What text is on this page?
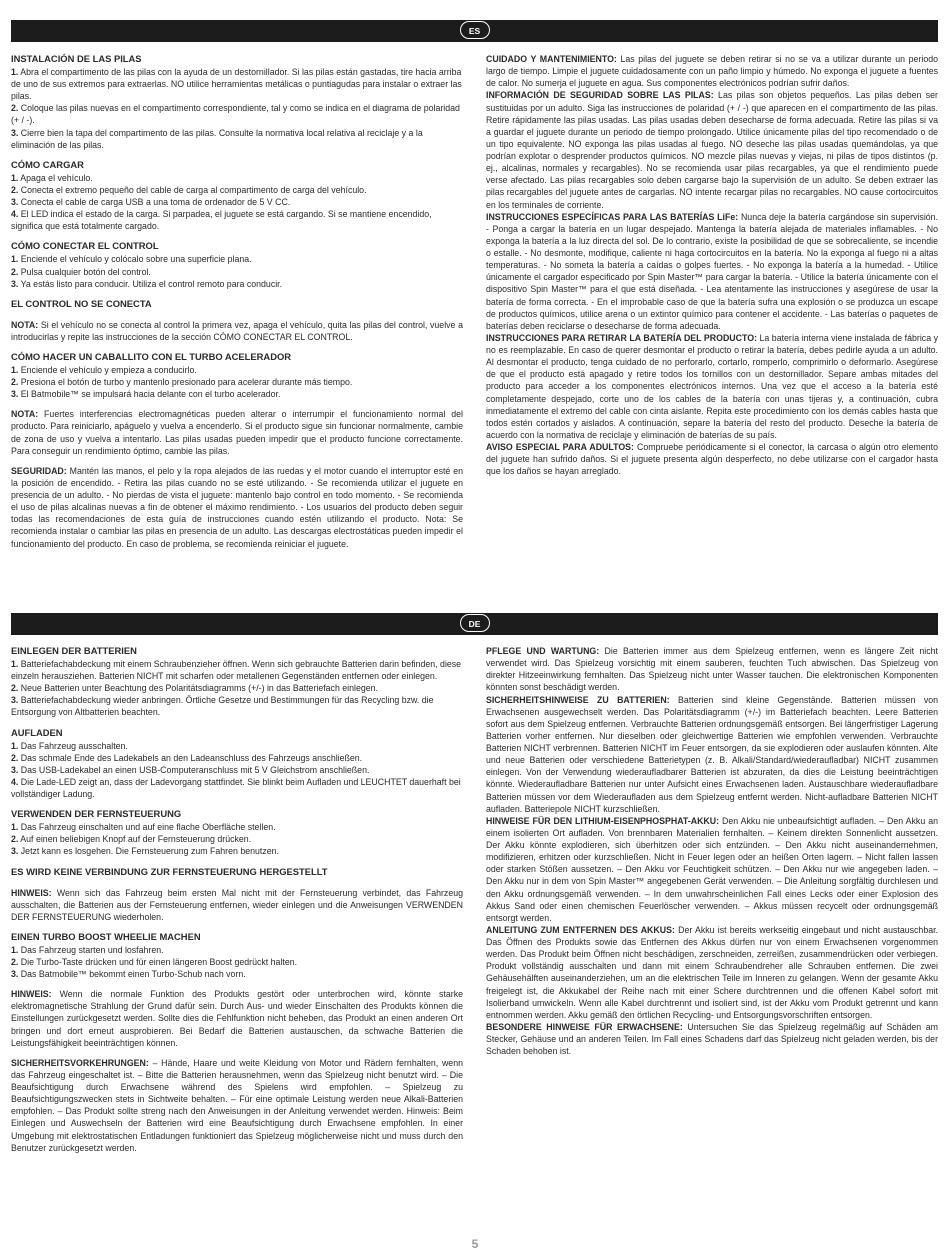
ES

INSTALACIÓN DE LAS PILAS

1. Abra el compartimento de las pilas con la ayuda de un destornillador. Si las pilas están gastadas, tire hacia arriba de uno de sus extremos para extraerlas. NO utilice herramientas metálicas o puntiagudas para instalar o extraer las pilas.

2. Coloque las pilas nuevas en el compartimento correspondiente, tal y como se indica en el diagrama de polaridad (+ / -).

3. Cierre bien la tapa del compartimento de las pilas. Consulte la normativa local relativa al reciclaje y a la eliminación de las pilas.

CÓMO CARGAR

1. Apaga el vehículo.

2. Conecta el extremo pequeño del cable de carga al compartimento de carga del vehículo.

3. Conecta el cable de carga USB a una toma de ordenador de 5 V CC.

4. El LED indica el estado de la carga. Si parpadea, el juguete se está cargando. Si se mantiene encendido, significa que está totalmente cargado.

CÓMO CONECTAR EL CONTROL

1. Enciende el vehículo y colócalo sobre una superficie plana.

2. Pulsa cualquier botón del control.

3. Ya estás listo para conducir. Utiliza el control remoto para conducir.

EL CONTROL NO SE CONECTA

NOTA: Si el vehículo no se conecta al control la primera vez, apaga el vehículo, quita las pilas del control, vuelve a introducirlas y repite las instrucciones de la sección CÓMO CONECTAR EL CONTROL.

CÓMO HACER UN CABALLITO CON EL TURBO ACELERADOR

1. Enciende el vehículo y empieza a conducirlo.

2. Presiona el botón de turbo y mantenlo presionado para acelerar durante más tiempo.

3. El Batmobile™ se impulsará hacia delante con el turbo acelerador.

NOTA: Fuertes interferencias electromagnéticas pueden alterar o interrumpir el funcionamiento normal del producto. Para reiniciarlo, apáguelo y vuelva a encenderlo. Si el producto sigue sin funcionar normalmente, cambie de zona de uso y vuelva a intentarlo. Las pilas usadas pueden impedir que el producto funcione correctamente. Para conseguir un rendimiento óptimo, cambie las pilas.

SEGURIDAD: Mantén las manos, el pelo y la ropa alejados de las ruedas y el motor cuando el interruptor esté en la posición de encendido. - Retira las pilas cuando no se esté utilizando. - Se recomienda utilizar el juguete en presencia de un adulto. - No pierdas de vista el juguete: mantenlo bajo control en todo momento. - Se recomienda el uso de pilas alcalinas nuevas a fin de obtener el máximo rendimiento. - Los usuarios del producto deben seguir todas las recomendaciones de esta guía de instrucciones cuando estén utilizando el producto. Nota: Se recomienda instalar o cambiar las pilas en presencia de un adulto. Las descargas electrostáticas pueden impedir el funcionamiento del producto. En caso de problema, se recomienda reiniciar el juguete.

CUIDADO Y MANTENIMIENTO: Las pilas del juguete se deben retirar si no se va a utilizar durante un periodo largo de tiempo. Limpie el juguete cuidadosamente con un paño limpio y húmedo. No exponga el juguete a fuentes de calor. No sumerja el juguete en agua. Sus componentes electrónicos podrían sufrir daños.

INFORMACIÓN DE SEGURIDAD SOBRE LAS PILAS: Las pilas son objetos pequeños. Las pilas deben ser sustituidas por un adulto. Siga las instrucciones de polaridad (+ / -) que aparecen en el compartimento de las pilas. Retire rápidamente las pilas usadas. Las pilas usadas deben desecharse de forma adecuada. Retire las pilas si va a guardar el juguete durante un periodo de tiempo prolongado. Utilice únicamente pilas del tipo recomendado o de un tipo equivalente. NO exponga las pilas usadas al fuego. NO deseche las pilas usadas quemándolas, ya que podrían explotar o desprender productos químicos. NO mezcle pilas nuevas y viejas, ni pilas de tipos distintos (p. ej., alcalinas, normales y recargables). No se recomienda usar pilas recargables, ya que el rendimiento puede verse afectado. Las pilas recargables solo deben cargarse bajo la supervisión de un adulto. Se deben extraer las pilas recargables del juguete antes de cargarlas. NO intente recargar pilas no recargables. NO cause cortocircuitos en los terminales de corriente.

INSTRUCCIONES ESPECÍFICAS PARA LAS BATERÍAS LiFe: Nunca deje la batería cargándose sin supervisión. - Ponga a cargar la batería en un lugar despejado. Mantenga la batería alejada de materiales inflamables. - No exponga la batería a la luz directa del sol. De lo contrario, existe la posibilidad de que se sobrecaliente, se incendie o estalle. - No desmonte, modifique, caliente ni haga cortocircuitos en la batería. No la exponga al fuego ni a altas temperaturas. - No someta la batería a caídas o golpes fuertes. - No exponga la batería a la humedad. - Utilice únicamente el cargador especificado por Spin Master™ para cargar la batería. - Utilice la batería únicamente con el dispositivo Spin Master™ para el que está diseñada. - Lea atentamente las instrucciones y asegúrese de usar la batería de forma correcta. - En el improbable caso de que la batería sufra una explosión o se produzca un escape de productos químicos, utilice arena o un extintor químico para contener el accidente. - Las baterías o paquetes de baterías deben reciclarse o desecharse de forma adecuada.

INSTRUCCIONES PARA RETIRAR LA BATERÍA DEL PRODUCTO: La batería interna viene instalada de fábrica y no es reemplazable. En caso de querer desmontar el producto o retirar la batería, debes pedirle ayuda a un adulto. Al desmontar el producto, tenga cuidado de no perforarlo, cortarlo, romperlo, comprimirlo o deformarlo. Asegúrese de que el producto está apagado y retire todos los tornillos con un destornillador. Separe ambas mitades del producto para acceder a los componentes electrónicos internos. Una vez que el acceso a la batería esté completamente despejado, corte uno de los cables de la batería con unas tijeras y, a continuación, cubra inmediatamente el extremo del cable con cinta aislante. Repita este procedimiento con los demás cables hasta que todos estén cortados y aislados. A continuación, separe la batería del resto del producto. Deseche la batería de acuerdo con la normativa de reciclaje y eliminación de baterías de su país.

AVISO ESPECIAL PARA ADULTOS: Compruebe periódicamente si el conector, la carcasa o algún otro elemento del juguete han sufrido daños. Si el juguete presenta algún desperfecto, no debe utilizarse con el cargador hasta que los daños se hayan arreglado.

DE

EINLEGEN DER BATTERIEN

1. Batteriefachabdeckung mit einem Schraubenzieher öffnen. Wenn sich gebrauchte Batterien darin befinden, diese einzeln herausziehen. Batterien NICHT mit scharfen oder metallenen Gegenständen entfernen oder einlegen.

2. Neue Batterien unter Beachtung des Polaritätsdiagramms (+/-) in das Batteriefach einlegen.

3. Batteriefachabdeckung wieder anbringen. Örtliche Gesetze und Bestimmungen für das Recycling bzw. die Entsorgung von Altbatterien beachten.

AUFLADEN

1. Das Fahrzeug ausschalten.

2. Das schmale Ende des Ladekabels an den Ladeanschluss des Fahrzeugs anschließen.

3. Das USB-Ladekabel an einen USB-Computeranschluss mit 5 V Gleichstrom anschließen.

4. Die Lade-LED zeigt an, dass der Ladevorgang stattfindet. Sie blinkt beim Aufladen und LEUCHTET dauerhaft bei vollständiger Ladung.

VERWENDEN DER FERNSTEUERUNG

1. Das Fahrzeug einschalten und auf eine flache Oberfläche stellen.

2. Auf einen beliebigen Knopf auf der Fernsteuerung drücken.

3. Jetzt kann es losgehen. Die Fernsteuerung zum Fahren benutzen.

ES WIRD KEINE VERBINDUNG ZUR FERNSTEUERUNG HERGESTELLT

HINWEIS: Wenn sich das Fahrzeug beim ersten Mal nicht mit der Fernsteuerung verbindet, das Fahrzeug ausschalten, die Batterien aus der Fernsteuerung entfernen, wieder einlegen und die Anweisungen VERWENDEN DER FERNSTEUERUNG wiederholen.

EINEN TURBO BOOST WHEELIE MACHEN

1. Das Fahrzeug starten und losfahren.

2. Die Turbo-Taste drücken und für einen längeren Boost gedrückt halten.

3. Das Batmobile™ bekommt einen Turbo-Schub nach vorn.

HINWEIS: Wenn die normale Funktion des Produkts gestört oder unterbrochen wird, könnte starke elektromagnetische Strahlung der Grund dafür sein. Durch Aus- und wieder Einschalten des Produkts können die Einstellungen zurückgesetzt werden. Sollte dies die Fehlfunktion nicht beheben, das Produkt an einen anderen Ort bringen und dort erneut ausprobieren. Bei Bedarf die Batterien austauschen, da schwache Batterien die Leistungsfähigkeit beeinträchtigen können.

SICHERHEITSVORKEHRUNGEN: – Hände, Haare und weite Kleidung von Motor und Rädern fernhalten, wenn das Fahrzeug eingeschaltet ist. – Bitte die Batterien herausnehmen, wenn das Spielzeug nicht benutzt wird. – Die Beaufsichtigung durch Erwachsene während des Spielens wird empfohlen. – Spielzeug zu Beaufsichtigungszwecken stets in Sichtweite behalten. – Für eine optimale Leistung werden neue Alkali-Batterien empfohlen. – Das Produkt sollte streng nach den Anweisungen in der Anleitung verwendet werden. Hinweis: Beim Einlegen und Auswechseln der Batterien wird eine Beaufsichtigung durch Erwachsene empfohlen. In einer Umgebung mit elektrostatischen Entladungen funktioniert das Spielzeug möglicherweise nicht und muss durch den Benutzer zurückgesetzt werden.

PFLEGE UND WARTUNG: Die Batterien immer aus dem Spielzeug entfernen, wenn es längere Zeit nicht verwendet wird. Das Spielzeug vorsichtig mit einem sauberen, feuchten Tuch abwischen. Das Spielzeug von direkter Hitzeeinwirkung fernhalten. Das Spielzeug nicht unter Wasser tauchen. Die elektronischen Komponenten könnten sonst beschädigt werden.

SICHERHEITSHINWEISE ZU BATTERIEN: Batterien sind kleine Gegenstände. Batterien müssen von Erwachsenen ausgewechselt werden. Das Polaritätsdiagramm (+/-) im Batteriefach beachten. Leere Batterien sofort aus dem Spielzeug entfernen. Verbrauchte Batterien ordnungsgemäß entsorgen. Bei längerfristiger Lagerung Batterien vorher entfernen. Nur dieselben oder gleichwertige Batterien wie empfohlen verwenden. Verbrauchte Batterien NICHT verbrennen. Batterien NICHT im Feuer entsorgen, da sie explodieren oder auslaufen könnten. Alte und neue Batterien oder verschiedene Batterietypen (z. B. Alkali/Standard/wiederaufladbar) NICHT zusammen einlegen. Von der Verwendung wiederaufladbarer Batterien ist abzuraten, da dies die Leistung beeinträchtigen könnte. Wiederaufladbare Batterien nur unter Aufsicht eines Erwachsenen laden. Austauschbare wiederaufladbare Batterien müssen vor dem Wiederaufladen aus dem Spielzeug entfernt werden. Nicht-aufladbare Batterien NICHT aufladen. Batteriepole NICHT kurzschließen.

HINWEISE FÜR DEN LITHIUM-EISENPHOSPHAT-AKKU: Den Akku nie unbeaufsichtigt aufladen. – Den Akku an einem isolierten Ort aufladen. Von brennbaren Materialien fernhalten. – Keinem direkten Sonnenlicht aussetzen. Der Akku könnte explodieren, sich überhitzen oder sich entzünden. – Den Akku nicht auseinandernehmen, modifizieren, erhitzen oder kurzschließen. Nicht in Feuer legen oder an heißen Orten lagern. – Nicht fallen lassen oder starken Stößen aussetzen. – Den Akku vor Feuchtigkeit schützen. – Den Akku nur wie angegeben laden. – Den Akku nur in dem von Spin Master™ angegebenen Gerät verwenden. – Die Anleitung sorgfältig durchlesen und den Akku ordnungsgemäß verwenden. – In dem unwahrscheinlichen Fall eines Lecks oder einer Explosion des Akkus Sand oder einen chemischen Feuerlöscher verwenden. – Akkus müssen recycelt oder ordnungsgemäß entsorgt werden.

ANLEITUNG ZUM ENTFERNEN DES AKKUS: Der Akku ist bereits werkseitig eingebaut und nicht austauschbar. Das Öffnen des Produkts sowie das Entfernen des Akkus dürfen nur von einem Erwachsenen vorgenommen werden. Das Produkt beim Öffnen nicht beschädigen, zerschneiden, zerreißen, zusammendrücken oder verbiegen. Produkt vollständig ausschalten und dann mit einem Schraubendreher alle Schrauben entfernen. Die zwei Gehäusehälften auseinanderziehen, um an die elektrischen Teile im Inneren zu gelangen. Wenn der gesamte Akku freigelegt ist, die Akkukabel der Reihe nach mit einer Schere durchtrennen und die offenen Kabel sofort mit Isolierband umwickeln. Wenn alle Kabel durchtrennt und isoliert sind, ist der Akku vom Produkt getrennt und kann entnommen werden. Akku gemäß den örtlichen Recycling- und Entsorgungsvorschriften entsorgen.

BESONDERE HINWEISE FÜR ERWACHSENE: Untersuchen Sie das Spielzeug regelmäßig auf Schäden am Stecker, Gehäuse und an anderen Teilen. Im Fall eines Schadens darf das Spielzeug nicht geladen werden, bis der Schaden behoben ist.

5
